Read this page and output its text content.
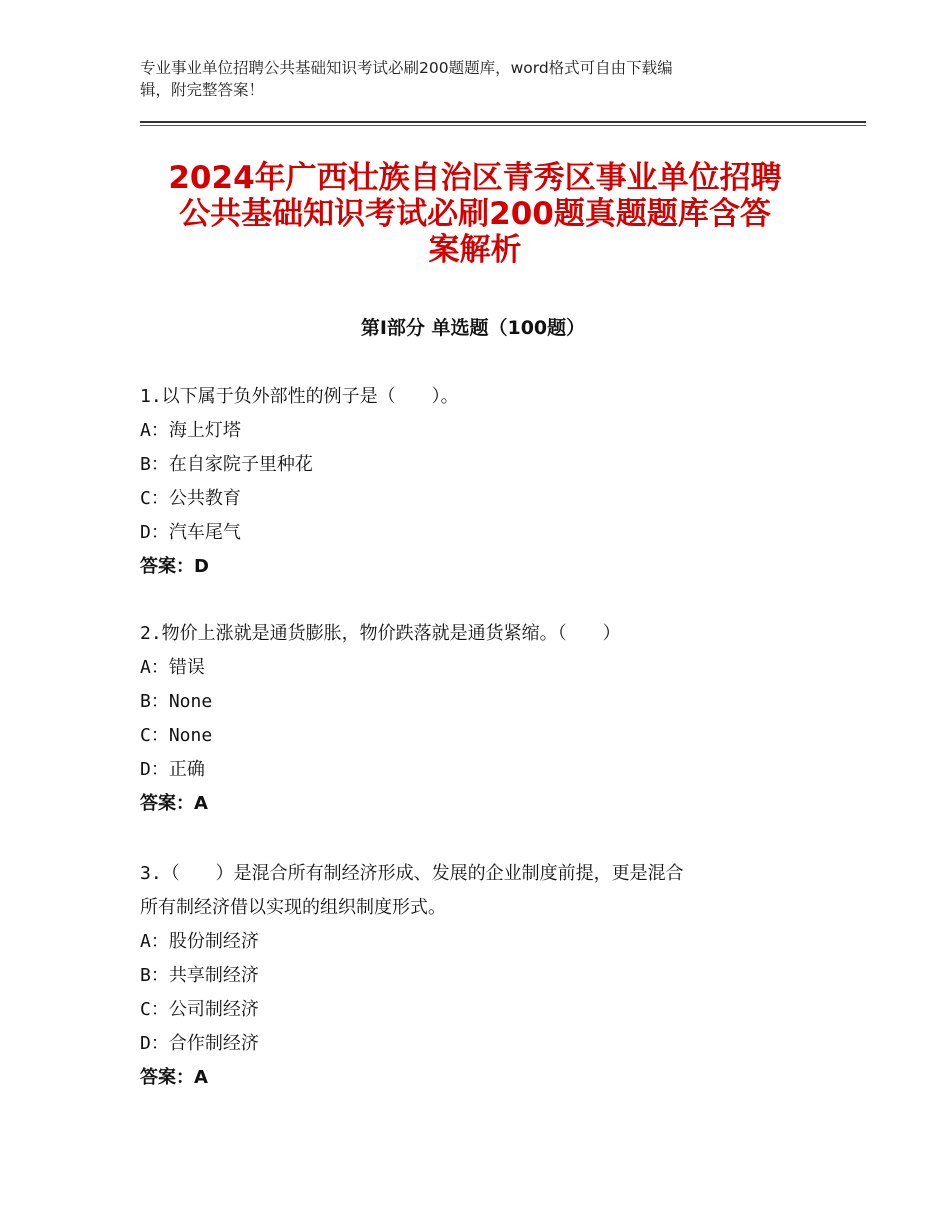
专业事业单位招聘公共基础知识考试必刷200题题库，word格式可自由下载编
辑，附完整答案！

2024年广西壮族自治区青秀区事业单位招聘
公共基础知识考试必刷200题真题题库含答
案解析
第Ⅰ部分 单选题（100题）

1.以下属于负外部性的例子是（　　）。

A：海上灯塔

B：在自家院子里种花

C：公共教育

D：汽车尾气

答案：D

2.物价上涨就是通货膨胀，物价跌落就是通货紧缩。（　　）

A：错误

B：None

C：None

D：正确

答案：A

3.（　　）是混合所有制经济形成、发展的企业制度前提，更是混合

所有制经济借以实现的组织制度形式。

A：股份制经济

B：共享制经济

C：公司制经济

D：合作制经济

答案：A
